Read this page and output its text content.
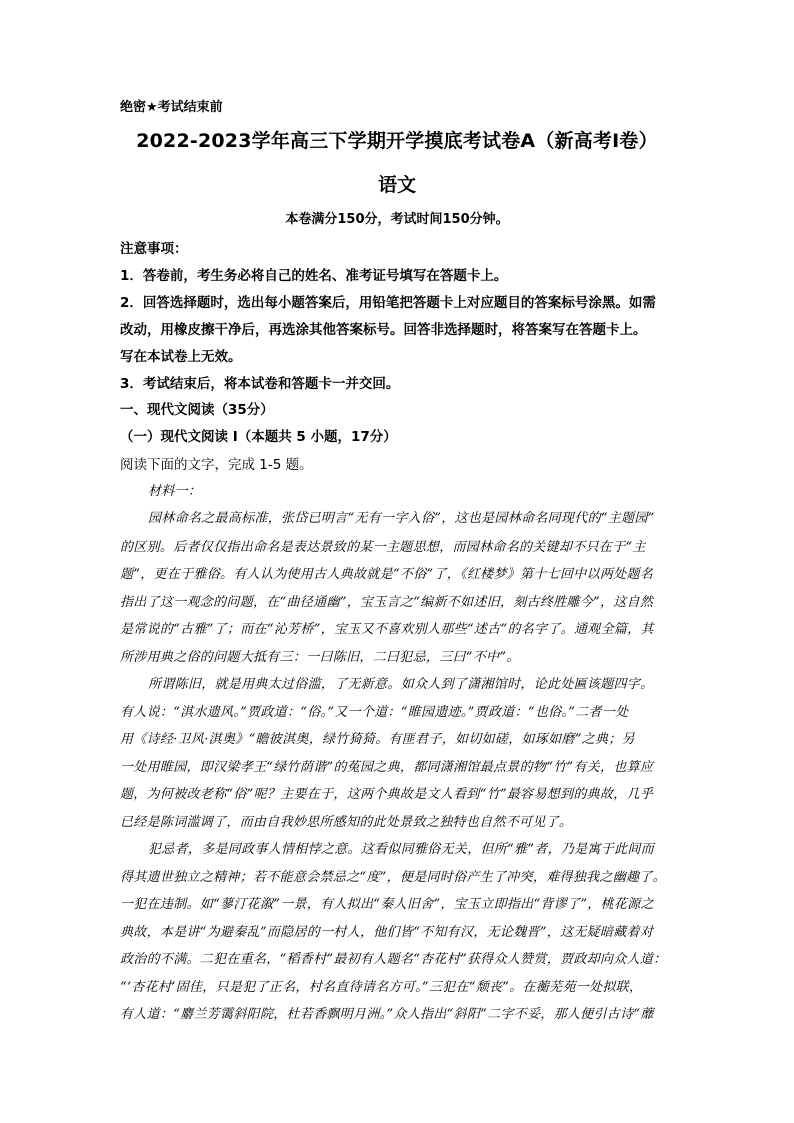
绝密★考试结束前

2022-2023学年高三下学期开学摸底考试卷A（新高考Ⅰ卷）

语文

本卷满分150分，考试时间150分钟。

注意事项：

1．答卷前，考生务必将自己的姓名、准考证号填写在答题卡上。

2．回答选择题时，选出每小题答案后，用铅笔把答题卡上对应题目的答案标号涂黑。如需

改动，用橡皮擦干净后，再选涂其他答案标号。回答非选择题时，将答案写在答题卡上。

写在本试卷上无效。

3．考试结束后，将本试卷和答题卡一并交回。

一、现代文阅读（35分）

（一）现代文阅读 I（本题共 5 小题，17分）

阅读下面的文字，完成 1-5 题。

材料一：
园林命名之最高标准，张岱已明言“无有一字入俗”，这也是园林命名同现代的“主题园”
的区别。后者仅仅指出命名是表达景致的某一主题思想，而园林命名的关键却不只在于“主
题”，更在于雅俗。有人认为使用古人典故就是“不俗”了，《红楼梦》第十七回中以两处题名
指出了这一观念的问题，在“曲径通幽”，宝玉言之“编新不如述旧，刻古终胜雕今”，这自然
是常说的“古雅”了；而在“沁芳桥”，宝玉又不喜欢别人那些“述古”的名字了。通观全篇，其
所涉用典之俗的问题大抵有三：一曰陈旧，二曰犯忌，三曰“不中”。
所谓陈旧，就是用典太过俗滥，了无新意。如众人到了潇湘馆时，论此处匾该题四字。
有人说：“淇水遗风。”贾政道：“俗。”又一个道：“睢园遗迹。”贾政道：“也俗。”二者一处
用《诗经·卫风·淇奥》“瞻彼淇奥，绿竹猗猗。有匪君子，如切如磋，如琢如磨”之典；另
一处用睢园，即汉梁孝王“绿竹荫谐”的菟园之典，都同潇湘馆最点景的物“竹”有关，也算应
题，为何被改老称“俗”呢？主要在于，这两个典故是文人看到“竹”最容易想到的典故，几乎
已经是陈词滥调了，而由自我妙思所感知的此处景致之独特也自然不可见了。
犯忌者，多是同政事人情相悖之意。这看似同雅俗无关，但所“雅”者，乃是寓于此间而
得其遗世独立之精神；若不能意会禁忌之“度”，便是同时俗产生了冲突，难得独我之幽趣了。
一犯在违制。如“蓼汀花溆”一景，有人拟出“秦人旧舍”，宝玉立即指出“背谬了”，桃花源之
典故，本是讲“为避秦乱”而隐居的一村人，他们皆“不知有汉，无论魏晋”，这无疑暗藏着对
政治的不满。二犯在重名，“稻香村”最初有人题名“杏花村”获得众人赞赏，贾政却向众人道：
“‘杏花村’固佳，只是犯了正名，村名直待请名方可。”三犯在“颓丧”。在蘅芜苑一处拟联，
有人道：“麝兰芳霭斜阳院，杜若香飘明月洲。”众人指出“斜阳”二字不妥，那人便引古诗“蘼
